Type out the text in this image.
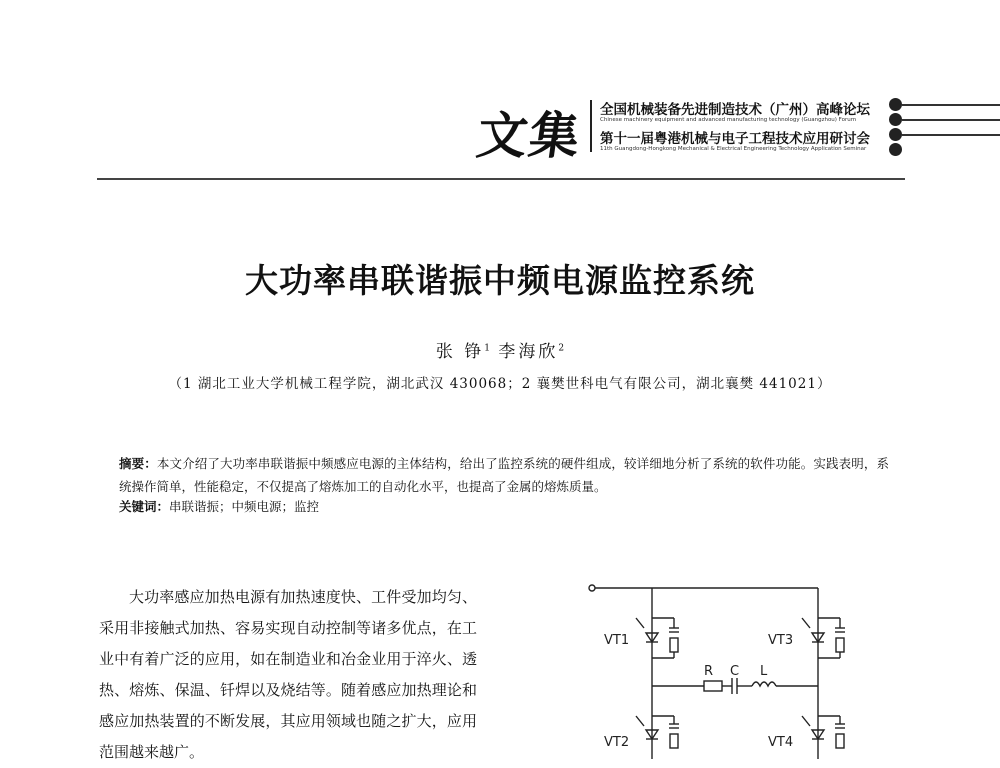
文集 全国机械装备先进制造技术（广州）高峰论坛
Chinese machinery equipment and advanced manufacturing technology (Guangzhou) Forum
第十一届粤港机械与电子工程技术应用研讨会
11th Guangdong-Hongkong Mechanical & Electrical Engineering Technology Application Seminar
大功率串联谐振中频电源监控系统
张 铮$^1$ 李海欣$^2$
（1 湖北工业大学机械工程学院，湖北武汉 430068；2 襄樊世科电气有限公司，湖北襄樊 441021）
摘要：本文介绍了大功率串联谐振中频感应电源的主体结构，给出了监控系统的硬件组成，较详细地分析了系统的软件功能。实践表明，系统操作简单，性能稳定，不仅提高了熔炼加工的自动化水平，也提高了金属的熔炼质量。
关键词：串联谐振；中频电源；监控

大功率感应加热电源有加热速度快、工件受加均匀、采用非接触式加热、容易实现自动控制等诸多优点，在工业中有着广泛的应用，如在制造业和冶金业用于淬火、透热、熔炼、保温、钎焊以及烧结等。随着感应加热理论和感应加热装置的不断发展，其应用领域也随之扩大，应用范围越来越广。

VT1	VT3
VT2	VT4
R C L
